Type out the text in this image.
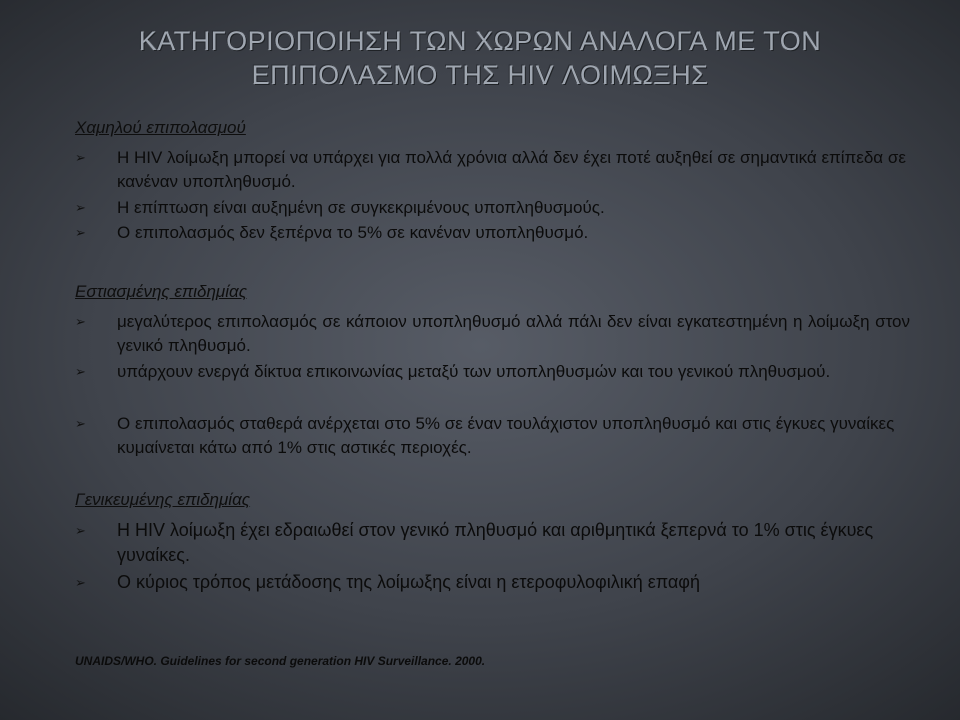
ΚΑΤΗΓΟΡΙΟΠΟΙΗΣΗ ΤΩΝ ΧΩΡΩΝ ΑΝΑΛΟΓΑ ΜΕ ΤΟΝ
ΕΠΙΠΟΛΑΣΜΟ ΤΗΣ HIV ΛΟΙΜΩΞΗΣ
Χαμηλού επιπολασμού
➢ Η HIV λοίμωξη μπορεί να υπάρχει για πολλά χρόνια αλλά δεν έχει ποτέ αυξηθεί σε σημαντικά επίπεδα σε κανέναν υποπληθυσμό.
➢ Η επίπτωση είναι αυξημένη σε συγκεκριμένους υποπληθυσμούς.
➢ Ο επιπολασμός δεν ξεπέρνα το 5% σε κανέναν υποπληθυσμό.
Εστιασμένης επιδημίας
➢ μεγαλύτερος επιπολασμός σε κάποιον υποπληθυσμό αλλά πάλι δεν είναι εγκατεστημένη η λοίμωξη στον γενικό πληθυσμό.
➢ υπάρχουν ενεργά δίκτυα επικοινωνίας μεταξύ των υποπληθυσμών και του γενικού πληθυσμού.
➢ Ο επιπολασμός σταθερά ανέρχεται στο 5% σε έναν τουλάχιστον υποπληθυσμό και στις έγκυες γυναίκες κυμαίνεται κάτω από 1% στις αστικές περιοχές.
Γενικευμένης επιδημίας
➢ Η HIV λοίμωξη έχει εδραιωθεί στον γενικό πληθυσμό και αριθμητικά ξεπερνά το 1% στις έγκυες γυναίκες.
➢ Ο κύριος τρόπος μετάδοσης της λοίμωξης είναι η ετεροφυλοφιλική επαφή
UNAIDS/WHO. Guidelines for second generation HIV Surveillance. 2000.
